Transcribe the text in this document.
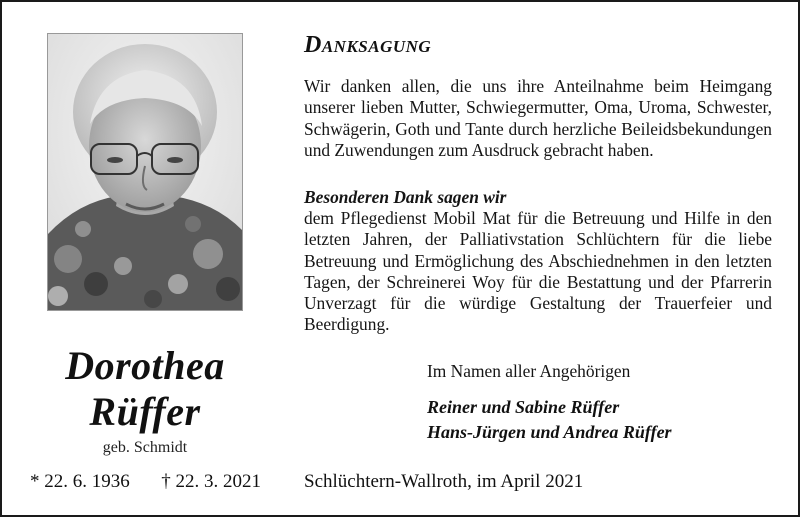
Dorothea
Rüffer
geb. Schmidt
* 22. 6. 1936 † 22. 3. 2021
DANKSAGUNG
Wir danken allen, die uns ihre Anteilnahme beim Heimgang unserer lieben Mutter, Schwiegermutter, Oma, Uroma, Schwester, Schwägerin, Goth und Tante durch herzliche Beileidsbekundungen und Zuwendungen zum Ausdruck gebracht haben.
Besonderen Dank sagen wir
dem Pflegedienst Mobil Mat für die Betreuung und Hilfe in den letzten Jahren, der Palliativstation Schlüchtern für die liebe Betreuung und Ermöglichung des Abschiednehmen in den letzten Tagen, der Schreinerei Woy für die Bestattung und der Pfarrerin Unverzagt für die würdige Gestaltung der Trauerfeier und Beerdigung.
Im Namen aller Angehörigen
Reiner und Sabine Rüffer
Hans-Jürgen und Andrea Rüffer
Schlüchtern-Wallroth, im April 2021
